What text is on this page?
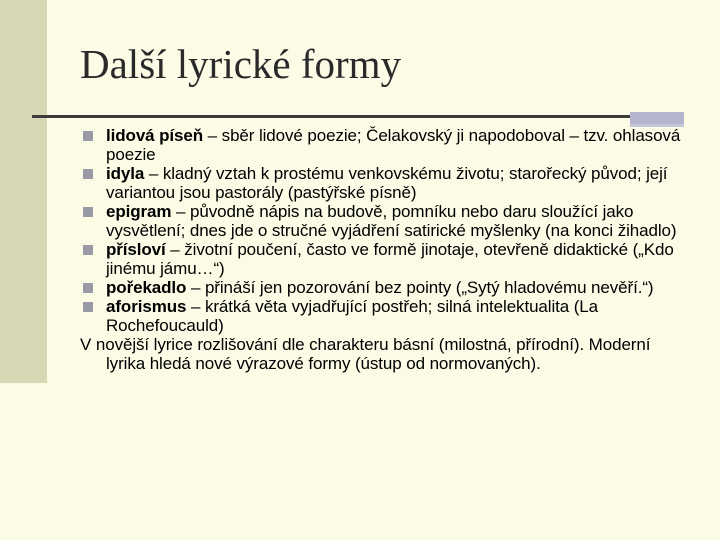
Další lyrické formy

lidová píseň – sběr lidové poezie; Čelakovský ji napodoboval – tzv. ohlasová poezie

idyla – kladný vztah k prostému venkovskému životu; starořecký původ; její variantou jsou pastorály (pastýřské písně)

epigram – původně nápis na budově, pomníku nebo daru sloužící jako vysvětlení; dnes jde o stručné vyjádření satirické myšlenky (na konci žihadlo)

přísloví – životní poučení, často ve formě jinotaje, otevřeně didaktické („Kdo jinému jámu…“)

pořekadlo – přináší jen pozorování bez pointy („Sytý hladovému nevěří.“)

aforismus – krátká věta vyjadřující postřeh; silná intelektualita (La Rochefoucauld)

V novější lyrice rozlišování dle charakteru básní (milostná, přírodní). Moderní lyrika hledá nové výrazové formy (ústup od normovaných).
